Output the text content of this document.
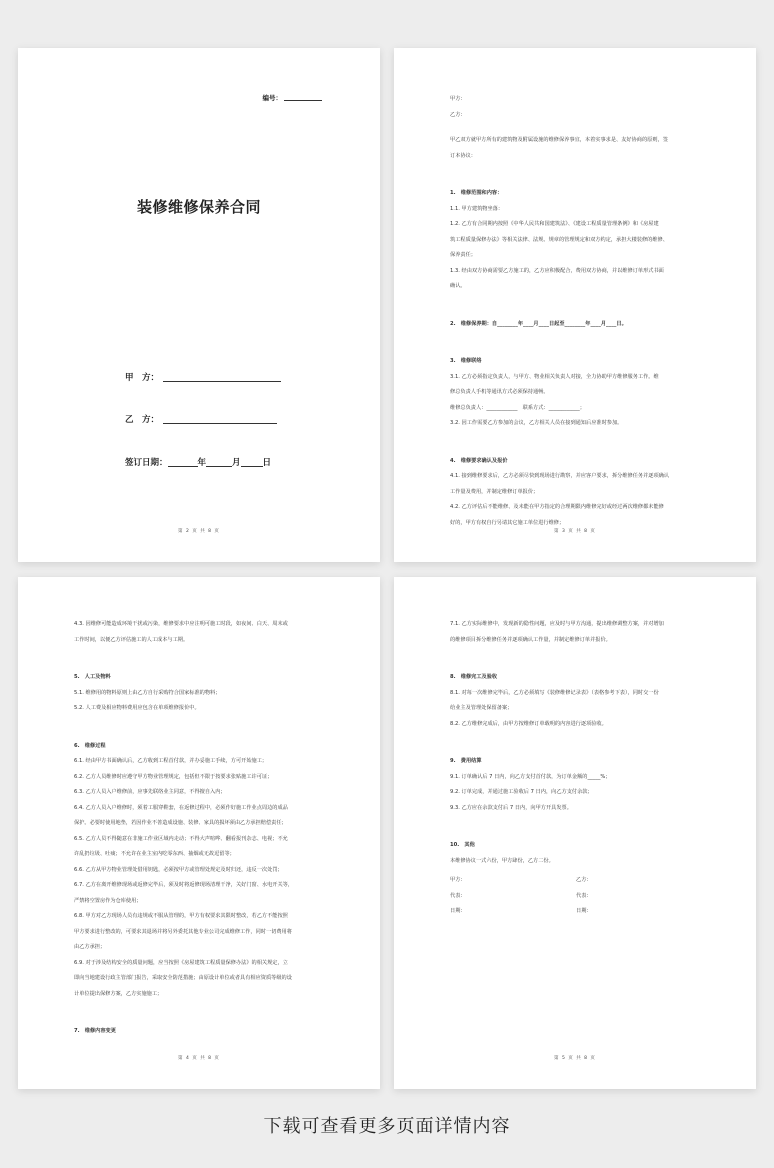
编号：
装修维修保养合同
甲　方：
乙　方：
签订日期：	年	月	日
第 2 页 共 8 页

甲方：

乙方：

甲乙双方就甲方所有的建筑物及附属设施的维修保养事宜，本着实事求是、友好协商的原则，签

订本协议：

1.　维修范围和内容：

1.1. 甲方建筑物坐落：

1.2. 乙方有合同期内按照《中华人民共和国建筑法》、《建设工程质量管理条例》和《房屋建

筑工程质量保修办法》等相关法律、法规、规章的管理规定和双方约定，承担大楼装修的维修、

保养责任；

1.3. 经由双方协商需要乙方施工的，乙方应积极配合，费用双方协商，并以维修订单形式书面

确认。

2.　维修保养期：自________年____月____日起至________年____月____日。

3.　维修联络

3.1. 乙方必须指定负责人，与甲方、物业相关负责人对接，全力协助甲方维修服务工作。维

修总负责人手机等通讯方式必须保持通畅。

维修总负责人：____________　联系方式：____________；

3.2. 因工作需要乙方参加的会议，乙方相关人员在接到通知后应准时参加。

4.　维修要求确认及报价

4.1. 接到维修要求后，乙方必须尽快到现场进行勘察，并应客户要求，拆分维修任务并逐项确认

工作量及费用，并制定维修订单报价；

4.2. 乙方评估后不能维修、及未能在甲方指定的合理期限内维修完好或经过两次维修都未能修

好的，甲方有权自行另请其它施工单位进行维修；

第 3 页 共 8 页

4.3. 因维修可能造成环境干扰或污染，维修要求中应注明可施工时段，如夜间、白天、周末或

工作时间，以便乙方评估施工的人工成本与工期。

5.　人工及物料

5.1. 维修用的物料原则上由乙方自行采购符合国家标准的物料；

5.2. 人工费及相应物料费用应包含在单项维修报价中。

6.　维修过程

6.1. 经由甲方书面确认后，乙方收到工程首付款，并办妥施工手续，方可开始施工；

6.2. 乙方人员维修时应遵守甲方物业管理规定，包括但不限于按要求张贴施工许可证；

6.3. 乙方人员入户维修前，应事先联络业主同意，不得擅自入内；

6.4. 乙方人员入户维修时，须着工服穿鞋套，在返修过程中，必须作好施工作业点周边的成品

保护。必要时使用地垫，若因作业不善造成设施、装修、家具的损坏须由乙方承担赔偿责任；

6.5. 乙方人员不得随意在非施工作业区域内走动；不得大声喧哗、翻看报刊杂志、电视；不允

许乱扔垃圾、吐痰；不允许在业主室内吃零东西、抽烟或无故逗留等；

6.6. 乙方从甲方物业管理处借用钥匙，必须按甲方或管理处规定及时归还，违反一次处罚；

6.7. 乙方在离开维修现场或返修完毕后，须及时将返修现场清理干净，关好门窗、水电开关等，

严禁将空置房作为仓库使用；

6.8. 甲方对乙方现场人员有违规或不服从管理的，甲方有权要求其限时整改，若乙方不能按照

甲方要求进行整改的，可要求其退场并将另外委托其他专业公司完成维修工作，同时一切费用将

由乙方承担；

6.9. 对于涉及结构安全的质量问题，应当按照《房屋建筑工程质量保修办法》的相关规定，立

即向当地建设行政主管部门报告，采取安全防范措施；由原设计单位或者具有相应资质等级的设

计单位提出保修方案，乙方实施施工；

7.　维修内容变更

第 4 页 共 8 页

7.1. 乙方实际维修中，发现新的隐性问题，应及时与甲方沟通，提出维修调整方案，并对增加

的维修项目拆分维修任务并逐项确认工作量，并制定维修订单并报价。

8.　维修完工及验收

8.1. 对每一次维修完毕后，乙方必须填写《装修维修记录表》（表格参考下表），同时交一份

给业主及管理处保留备案；

8.2. 乙方维修完成后，由甲方按维修订单载明的内容进行逐项验收。

9.　费用结算

9.1. 订单确认后 7 日内，向乙方支付首付款，为订单金额的_____%；

9.2. 订单完成，并通过施工验收后 7 日内，向乙方支付余款；

9.3. 乙方应在余款支付后 7 日内，向甲方开具发票。

10.　其他

本维修协议一式六份，甲方肆份，乙方二份。

甲方：	乙方：
代表：	代表：
日期：	日期：
第 5 页 共 8 页
下载可查看更多页面详情内容
